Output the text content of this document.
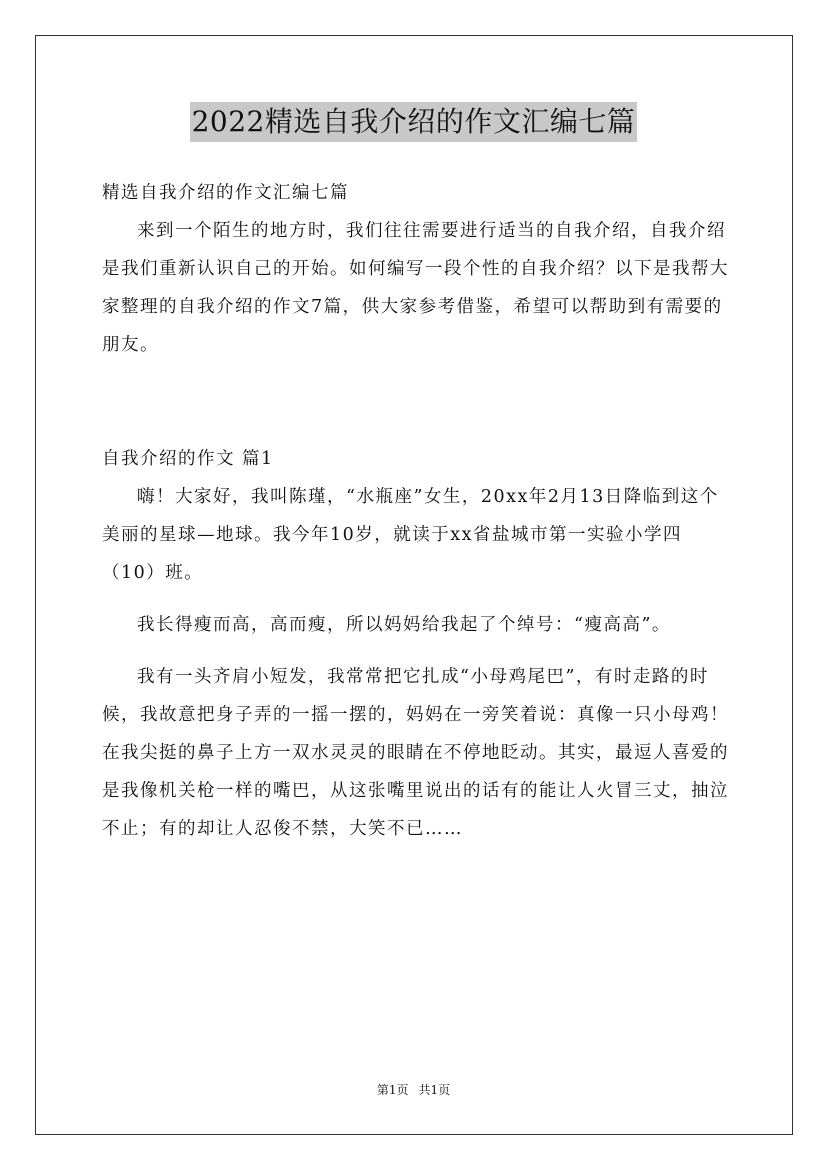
2022精选自我介绍的作文汇编七篇

精选自我介绍的作文汇编七篇

来到一个陌生的地方时，我们往往需要进行适当的自我介绍，自我介绍是我们重新认识自己的开始。如何编写一段个性的自我介绍？以下是我帮大家整理的自我介绍的作文7篇，供大家参考借鉴，希望可以帮助到有需要的朋友。

自我介绍的作文 篇1

嗨！大家好，我叫陈瑾，“水瓶座”女生，20xx年2月13日降临到这个美丽的星球—地球。我今年10岁，就读于xx省盐城市第一实验小学四（10）班。

我长得瘦而高，高而瘦，所以妈妈给我起了个绰号：“瘦高高”。

我有一头齐肩小短发，我常常把它扎成“小母鸡尾巴”，有时走路的时候，我故意把身子弄的一摇一摆的，妈妈在一旁笑着说：真像一只小母鸡！在我尖挺的鼻子上方一双水灵灵的眼睛在不停地眨动。其实，最逗人喜爱的是我像机关枪一样的嘴巴，从这张嘴里说出的话有的能让人火冒三丈，抽泣不止；有的却让人忍俊不禁，大笑不已……

第1页 共1页
